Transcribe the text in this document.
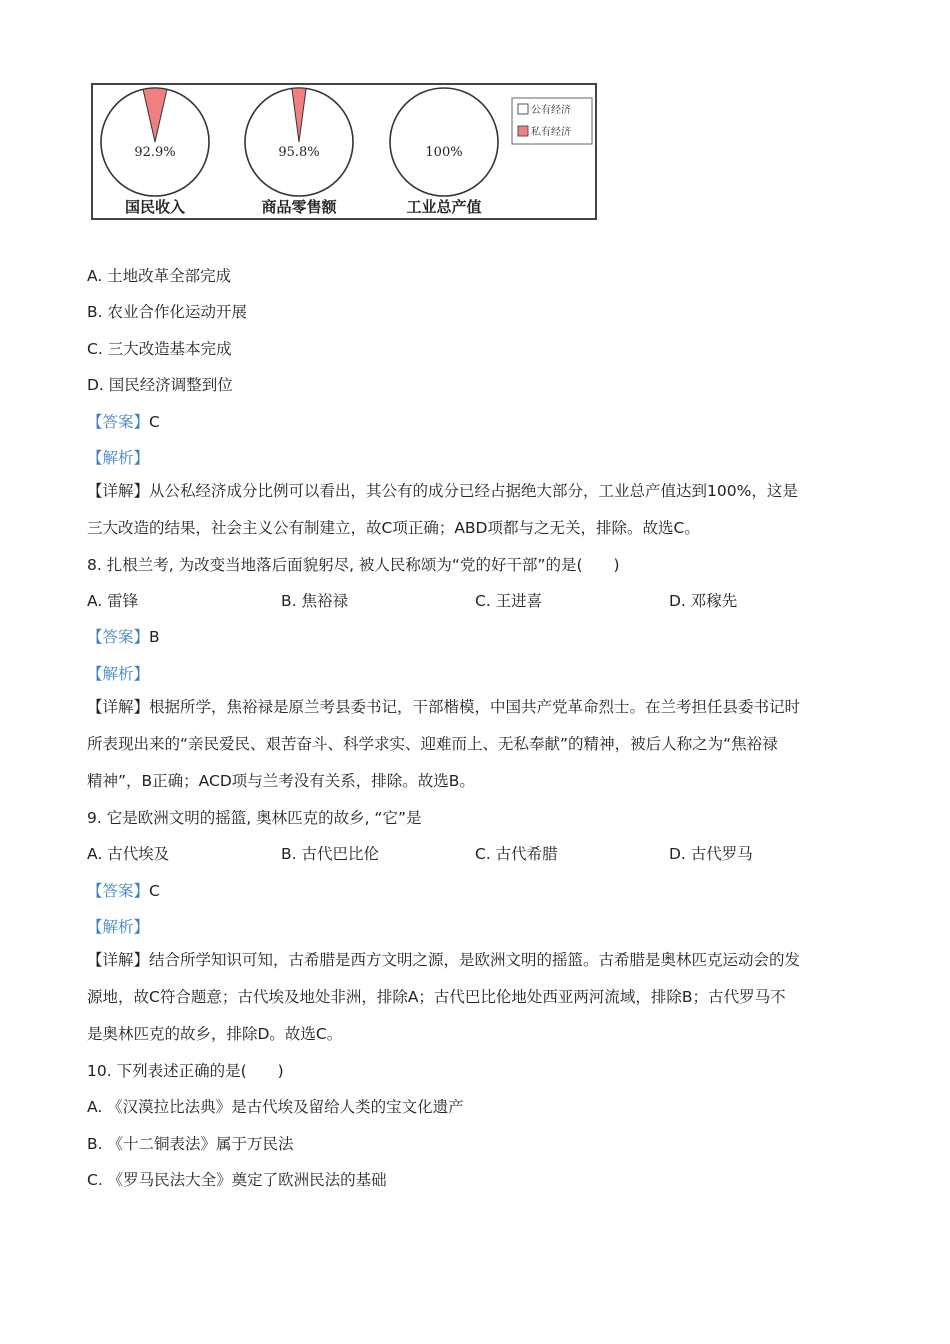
92.9%
国民收入
95.8%
商品零售额
100%
工业总产值
公有经济
私有经济
A. 土地改革全部完成
B. 农业合作化运动开展
C. 三大改造基本完成
D. 国民经济调整到位
【答案】C
【解析】
【详解】从公私经济成分比例可以看出，其公有的成分已经占据绝大部分，工业总产值达到100%，这是
三大改造的结果，社会主义公有制建立，故C项正确；ABD项都与之无关，排除。故选C。
8. 扎根兰考, 为改变当地落后面貌躬尽, 被人民称颂为“党的好干部”的是(　　)
A. 雷锋	B. 焦裕禄	C. 王进喜	D. 邓稼先
【答案】B
【解析】
【详解】根据所学，焦裕禄是原兰考县委书记，干部楷模，中国共产党革命烈士。在兰考担任县委书记时
所表现出来的“亲民爱民、艰苦奋斗、科学求实、迎难而上、无私奉献”的精神，被后人称之为“焦裕禄
精神”，B正确；ACD项与兰考没有关系，排除。故选B。
9. 它是欧洲文明的摇篮, 奥林匹克的故乡, “它”是
A. 古代埃及	B. 古代巴比伦	C. 古代希腊	D. 古代罗马
【答案】C
【解析】
【详解】结合所学知识可知，古希腊是西方文明之源，是欧洲文明的摇篮。古希腊是奥林匹克运动会的发
源地，故C符合题意；古代埃及地处非洲，排除A；古代巴比伦地处西亚两河流域，排除B；古代罗马不
是奥林匹克的故乡，排除D。故选C。
10. 下列表述正确的是(　　)
A. 《汉漠拉比法典》是古代埃及留给人类的宝文化遗产
B. 《十二铜表法》属于万民法
C. 《罗马民法大全》奠定了欧洲民法的基础
